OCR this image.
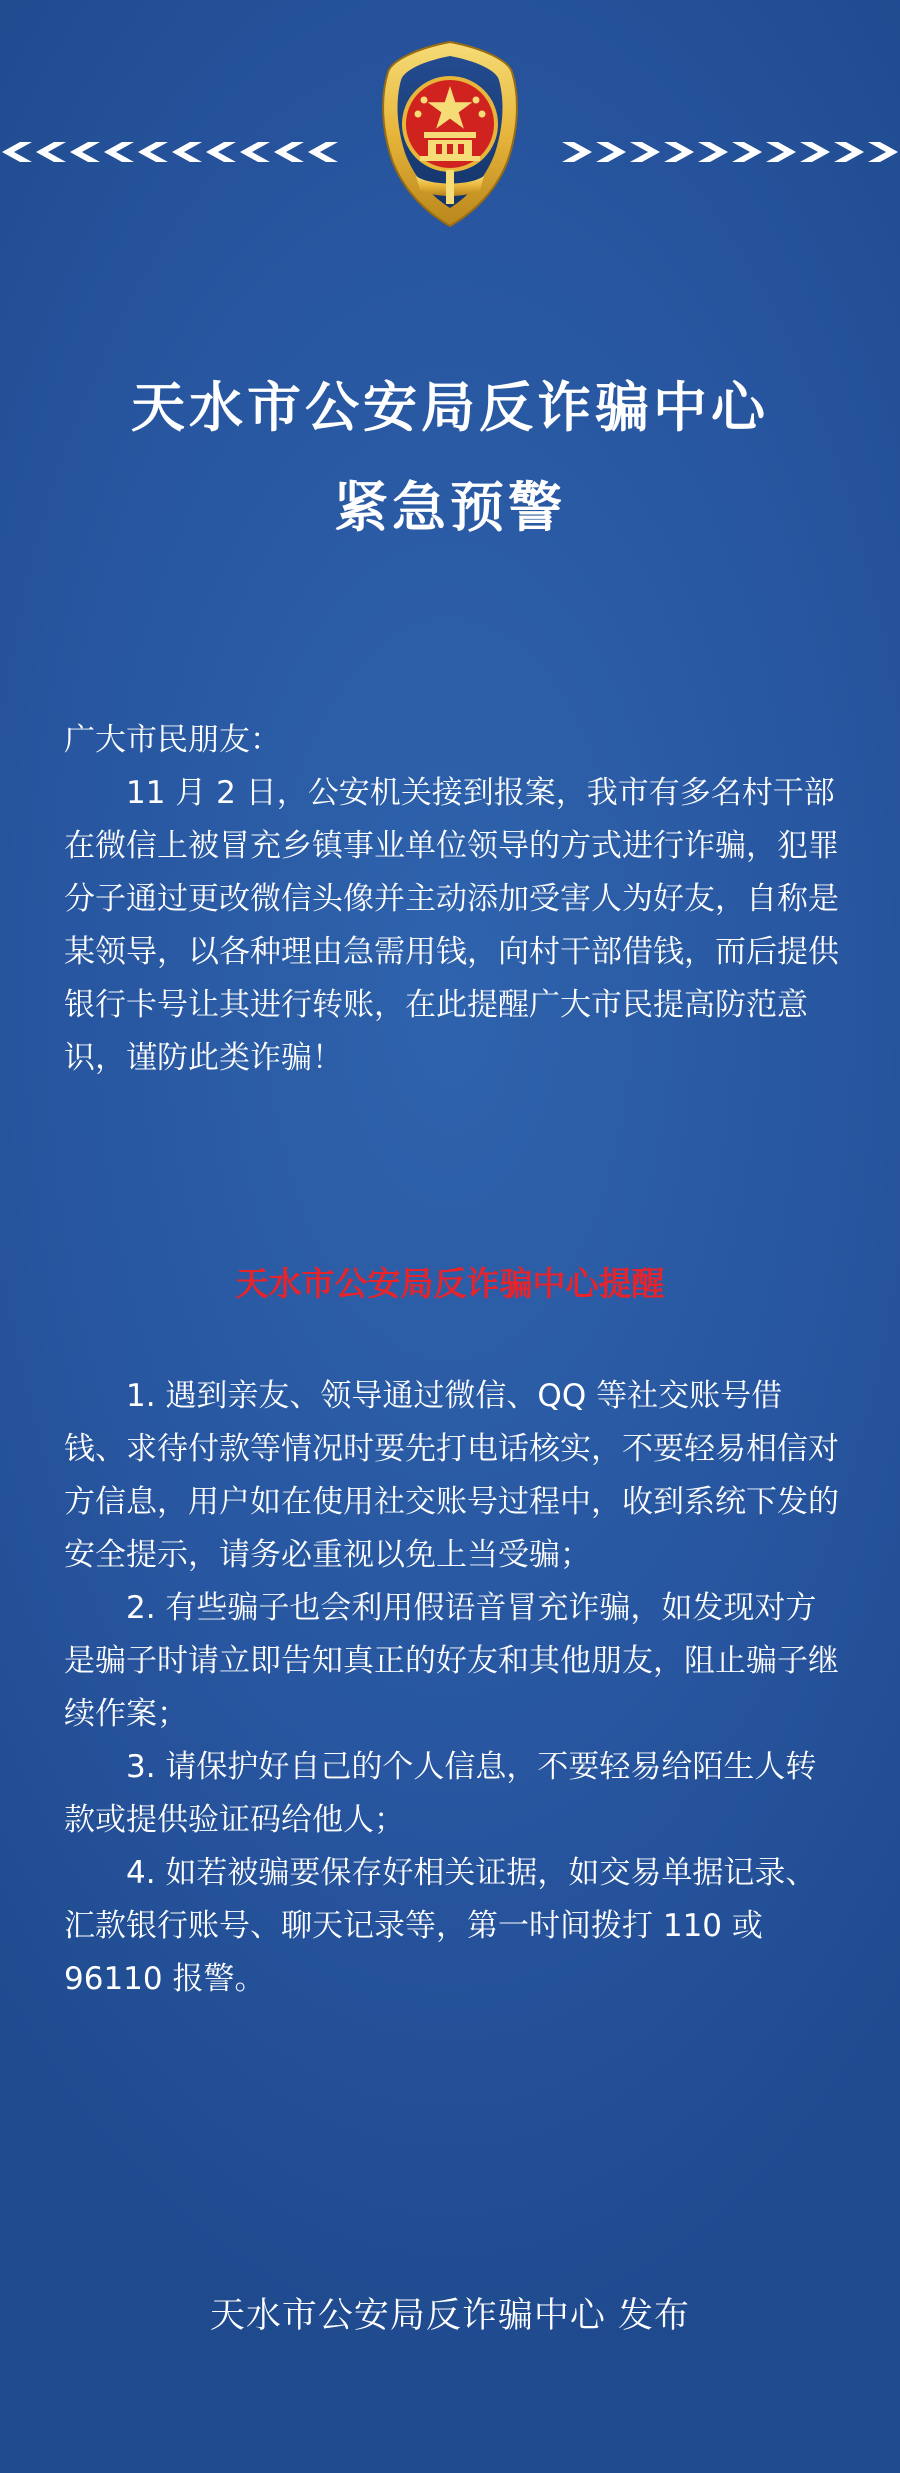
天水市公安局反诈骗中心
紧急预警

广大市民朋友：

11 月 2 日，公安机关接到报案，我市有多名村干部在微信上被冒充乡镇事业单位领导的方式进行诈骗，犯罪分子通过更改微信头像并主动添加受害人为好友，自称是某领导，以各种理由急需用钱，向村干部借钱，而后提供银行卡号让其进行转账，在此提醒广大市民提高防范意识，谨防此类诈骗！

天水市公安局反诈骗中心提醒
1. 遇到亲友、领导通过微信、QQ 等社交账号借钱、求待付款等情况时要先打电话核实，不要轻易相信对方信息，用户如在使用社交账号过程中，收到系统下发的安全提示，请务必重视以免上当受骗；
2. 有些骗子也会利用假语音冒充诈骗，如发现对方是骗子时请立即告知真正的好友和其他朋友，阻止骗子继续作案；
3. 请保护好自己的个人信息，不要轻易给陌生人转款或提供验证码给他人；
4. 如若被骗要保存好相关证据，如交易单据记录、汇款银行账号、聊天记录等，第一时间拨打 110 或 96110 报警。

天水市公安局反诈骗中心 发布
